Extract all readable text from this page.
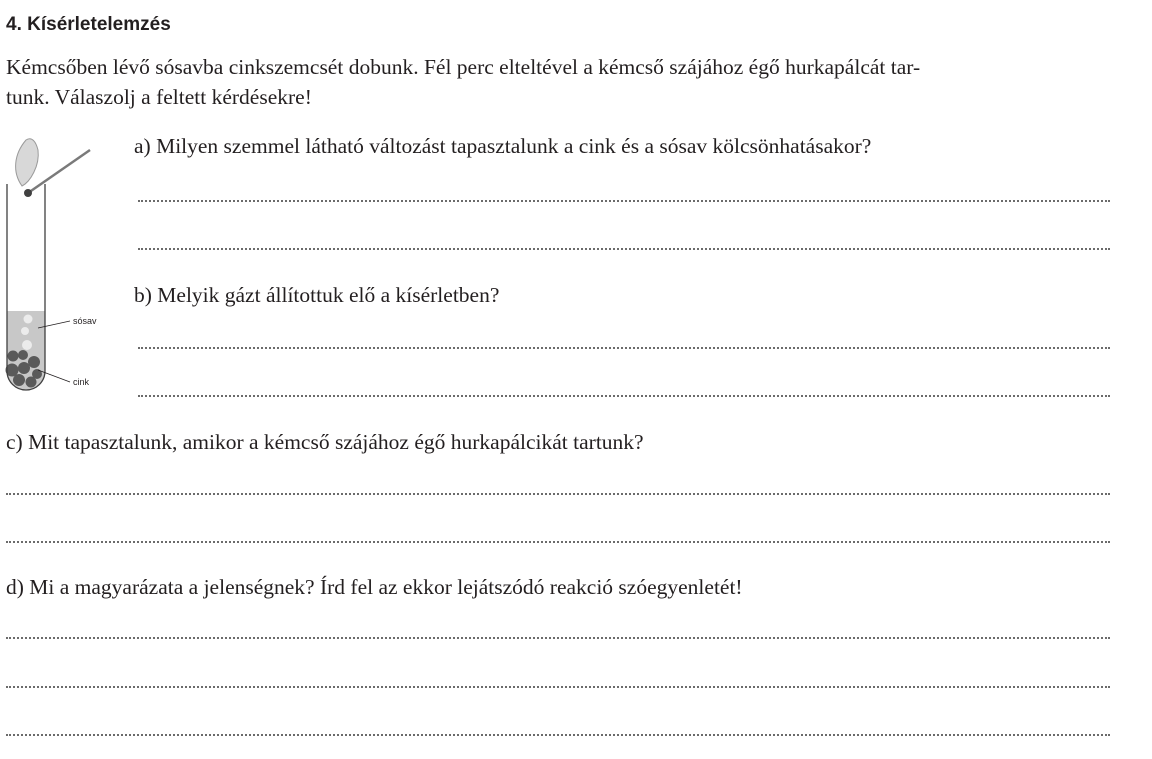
4. Kísérletelemzés

Kémcsőben lévő sósavba cinkszemcsét dobunk. Fél perc elteltével a kémcső szájához égő hurkapálcát tar-
tunk. Válaszolj a feltett kérdésekre!

sósav
cink

a) Milyen szemmel látható változást tapasztalunk a cink és a sósav kölcsönhatásakor?

b) Melyik gázt állítottuk elő a kísérletben?

c) Mit tapasztalunk, amikor a kémcső szájához égő hurkapálcikát tartunk?

d) Mi a magyarázata a jelenségnek? Írd fel az ekkor lejátszódó reakció szóegyenletét!
